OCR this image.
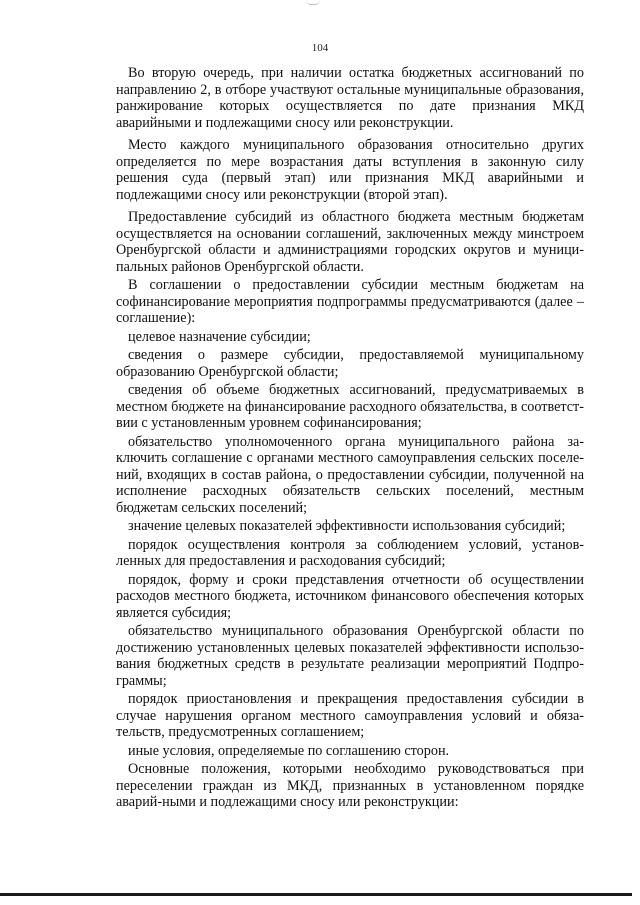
104

Во вторую очередь, при наличии остатка бюджетных ассигнований по направлению 2, в отборе участвуют остальные муниципальные образования, ранжирование которых осуществляется по дате признания МКД аварийными и подлежащими сносу или реконструкции.

Место каждого муниципального образования относительно других определяется по мере возрастания даты вступления в законную силу решения суда (первый этап) или признания МКД аварийными и подлежащими сносу или реконструкции (второй этап).

Предоставление субсидий из областного бюджета местным бюджетам осуществляется на основании соглашений, заключенных между минстроем Оренбургской области и администрациями городских округов и муници-пальных районов Оренбургской области.

В соглашении о предоставлении субсидии местным бюджетам на софинансирование мероприятия подпрограммы предусматриваются (далее – соглашение):

целевое назначение субсидии;

сведения о размере субсидии, предоставляемой муниципальному образованию Оренбургской области;

сведения об объеме бюджетных ассигнований, предусматриваемых в местном бюджете на финансирование расходного обязательства, в соответст-вии с установленным уровнем софинансирования;

обязательство уполномоченного органа муниципального района за-ключить соглашение с органами местного самоуправления сельских поселе-ний, входящих в состав района, о предоставлении субсидии, полученной на исполнение расходных обязательств сельских поселений, местным бюджетам сельских поселений;

значение целевых показателей эффективности использования субсидий;

порядок осуществления контроля за соблюдением условий, установ-ленных для предоставления и расходования субсидий;

порядок, форму и сроки представления отчетности об осуществлении расходов местного бюджета, источником финансового обеспечения которых является субсидия;

обязательство муниципального образования Оренбургской области по достижению установленных целевых показателей эффективности использо-вания бюджетных средств в результате реализации мероприятий Подпро-граммы;

порядок приостановления и прекращения предоставления субсидии в случае нарушения органом местного самоуправления условий и обяза-тельств, предусмотренных соглашением;

иные условия, определяемые по соглашению сторон.

Основные положения, которыми необходимо руководствоваться при переселении граждан из МКД, признанных в установленном порядке аварий-ными и подлежащими сносу или реконструкции:
